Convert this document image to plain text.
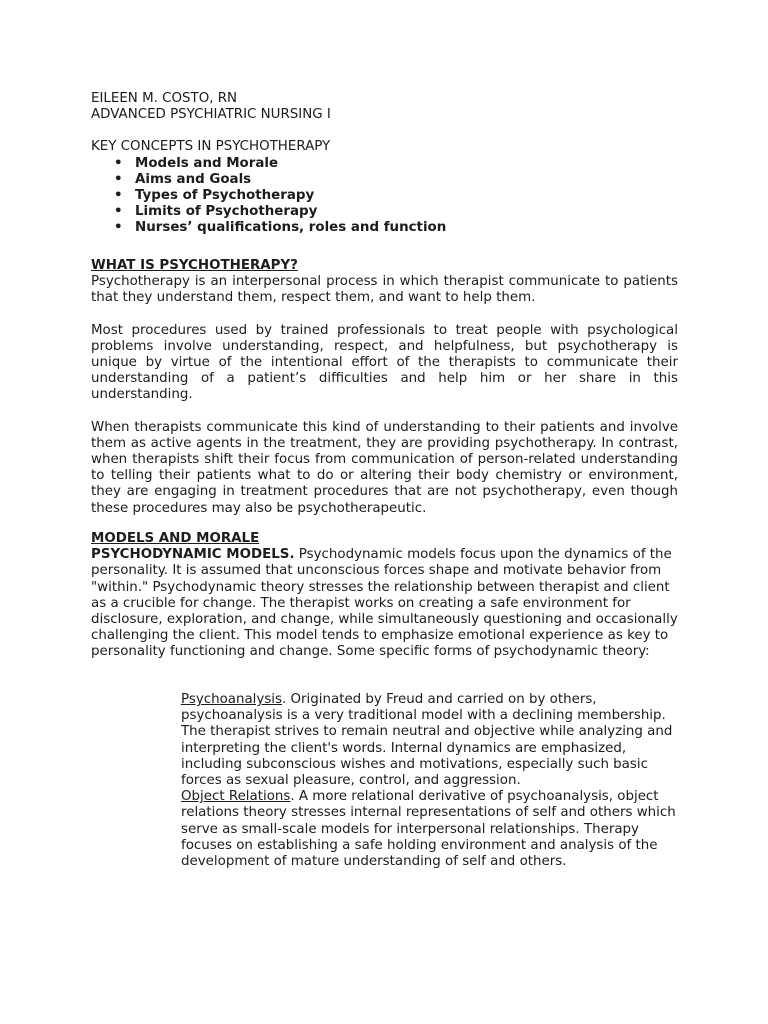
EILEEN M. COSTO, RN

ADVANCED PSYCHIATRIC NURSING I

KEY CONCEPTS IN PSYCHOTHERAPY

• Models and Morale
• Aims and Goals
• Types of Psychotherapy
• Limits of Psychotherapy
• Nurses’ qualifications, roles and function

WHAT IS PSYCHOTHERAPY?

Psychotherapy is an interpersonal process in which therapist communicate to patients that they understand them, respect them, and want to help them.

Most procedures used by trained professionals to treat people with psychological problems involve understanding, respect, and helpfulness, but psychotherapy is unique by virtue of the intentional effort of the therapists to communicate their understanding of a patient’s difficulties and help him or her share in this understanding.

When therapists communicate this kind of understanding to their patients and involve them as active agents in the treatment, they are providing psychotherapy. In contrast, when therapists shift their focus from communication of person-related understanding to telling their patients what to do or altering their body chemistry or environment, they are engaging in treatment procedures that are not psychotherapy, even though these procedures may also be psychotherapeutic.

MODELS AND MORALE

PSYCHODYNAMIC MODELS. Psychodynamic models focus upon the dynamics of the personality. It is assumed that unconscious forces shape and motivate behavior from "within." Psychodynamic theory stresses the relationship between therapist and client as a crucible for change. The therapist works on creating a safe environment for disclosure, exploration, and change, while simultaneously questioning and occasionally challenging the client. This model tends to emphasize emotional experience as key to personality functioning and change. Some specific forms of psychodynamic theory:

Psychoanalysis. Originated by Freud and carried on by others, psychoanalysis is a very traditional model with a declining membership. The therapist strives to remain neutral and objective while analyzing and interpreting the client's words. Internal dynamics are emphasized, including subconscious wishes and motivations, especially such basic forces as sexual pleasure, control, and aggression.

Object Relations. A more relational derivative of psychoanalysis, object relations theory stresses internal representations of self and others which serve as small-scale models for interpersonal relationships. Therapy focuses on establishing a safe holding environment and analysis of the development of mature understanding of self and others.
